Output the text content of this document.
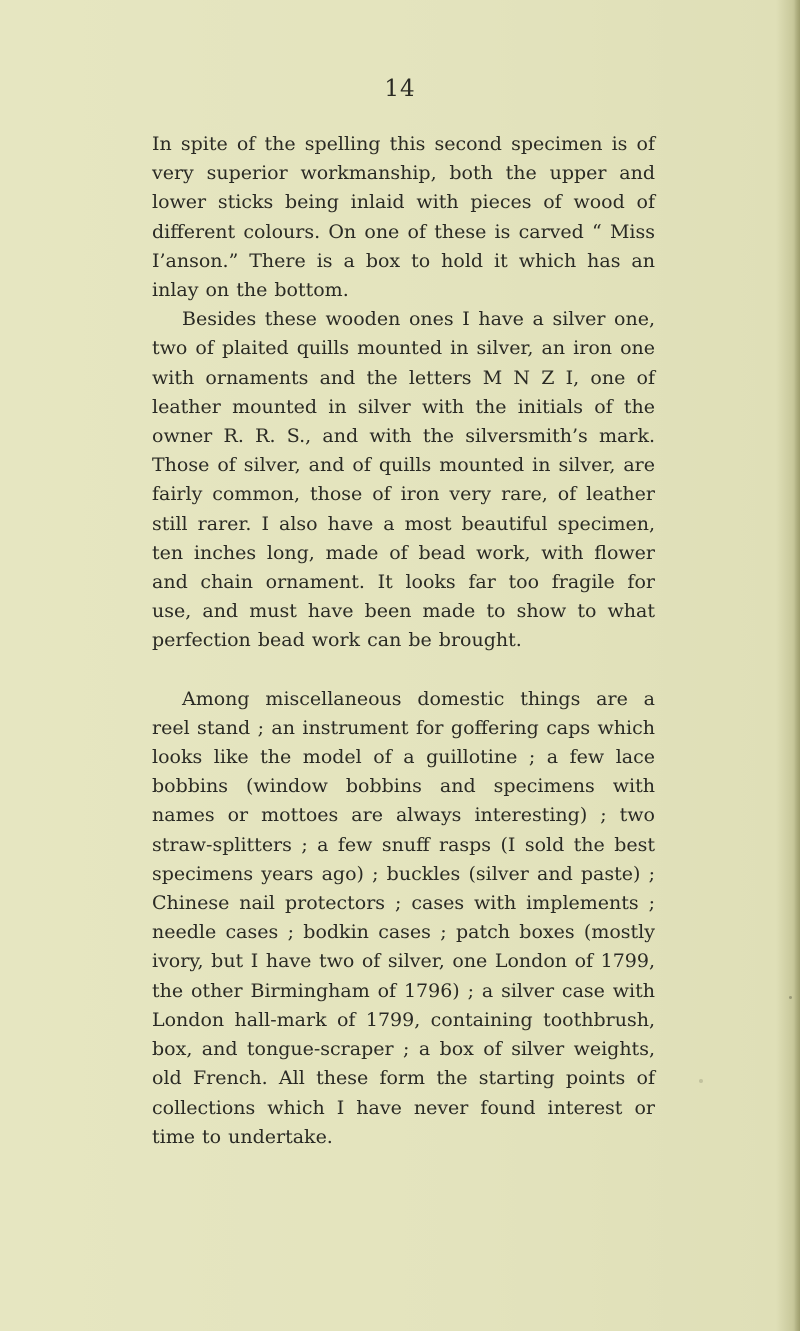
14

In spite of the spelling this second specimen is of very superior workmanship, both the upper and lower sticks being inlaid with pieces of wood of different colours. On one of these is carved “ Miss I’anson.” There is a box to hold it which has an inlay on the bottom.

Besides these wooden ones I have a silver one, two of plaited quills mounted in silver, an iron one with ornaments and the letters M N Z I, one of leather mounted in silver with the initials of the owner R. R. S., and with the silversmith’s mark. Those of silver, and of quills mounted in silver, are fairly common, those of iron very rare, of leather still rarer. I also have a most beautiful specimen, ten inches long, made of bead work, with flower and chain ornament. It looks far too fragile for use, and must have been made to show to what perfection bead work can be brought.

Among miscellaneous domestic things are a reel stand ; an instrument for goffering caps which looks like the model of a guillotine ; a few lace bobbins (window bobbins and specimens with names or mottoes are always interesting) ; two straw-splitters ; a few snuff rasps (I sold the best specimens years ago) ; buckles (silver and paste) ; Chinese nail protectors ; cases with implements ; needle cases ; bodkin cases ; patch boxes (mostly ivory, but I have two of silver, one London of 1799, the other Birmingham of 1796) ; a silver case with London hall-mark of 1799, containing toothbrush, box, and tongue-scraper ; a box of silver weights, old French. All these form the starting points of collections which I have never found interest or time to undertake.
